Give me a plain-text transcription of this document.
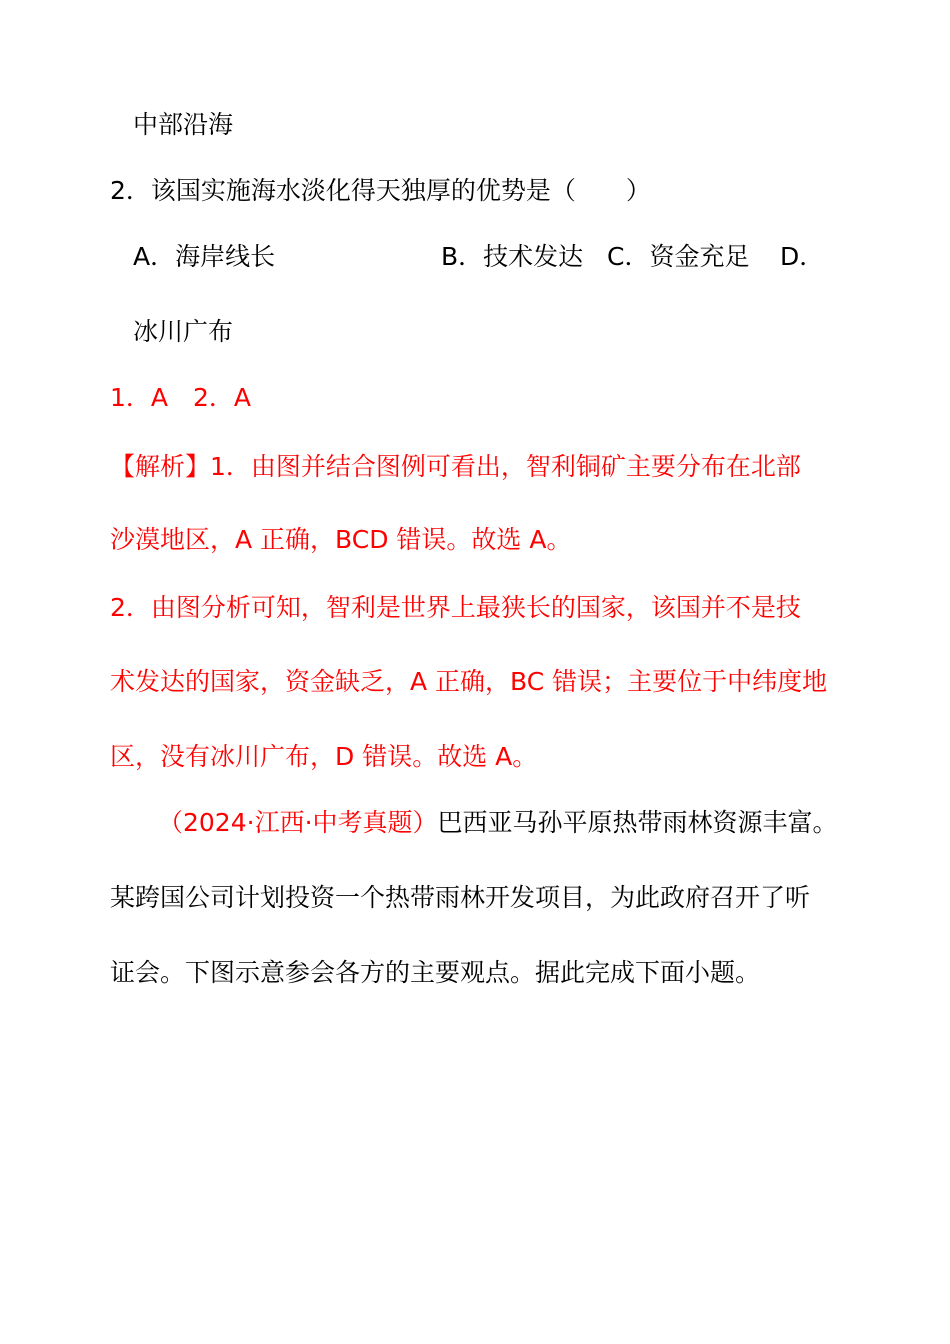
中部沿海
2．该国实施海水淡化得天独厚的优势是（　　）
A．海岸线长	B．技术发达 C．资金充足 D．
冰川广布
1．A　2．A
【解析】1．由图并结合图例可看出，智利铜矿主要分布在北部
沙漠地区，A 正确，BCD 错误。故选 A。
2．由图分析可知，智利是世界上最狭长的国家，该国并不是技
术发达的国家，资金缺乏，A 正确，BC 错误；主要位于中纬度地
区，没有冰川广布，D 错误。故选 A。
（2024·江西·中考真题）巴西亚马孙平原热带雨林资源丰富。
某跨国公司计划投资一个热带雨林开发项目，为此政府召开了听
证会。下图示意参会各方的主要观点。据此完成下面小题。
